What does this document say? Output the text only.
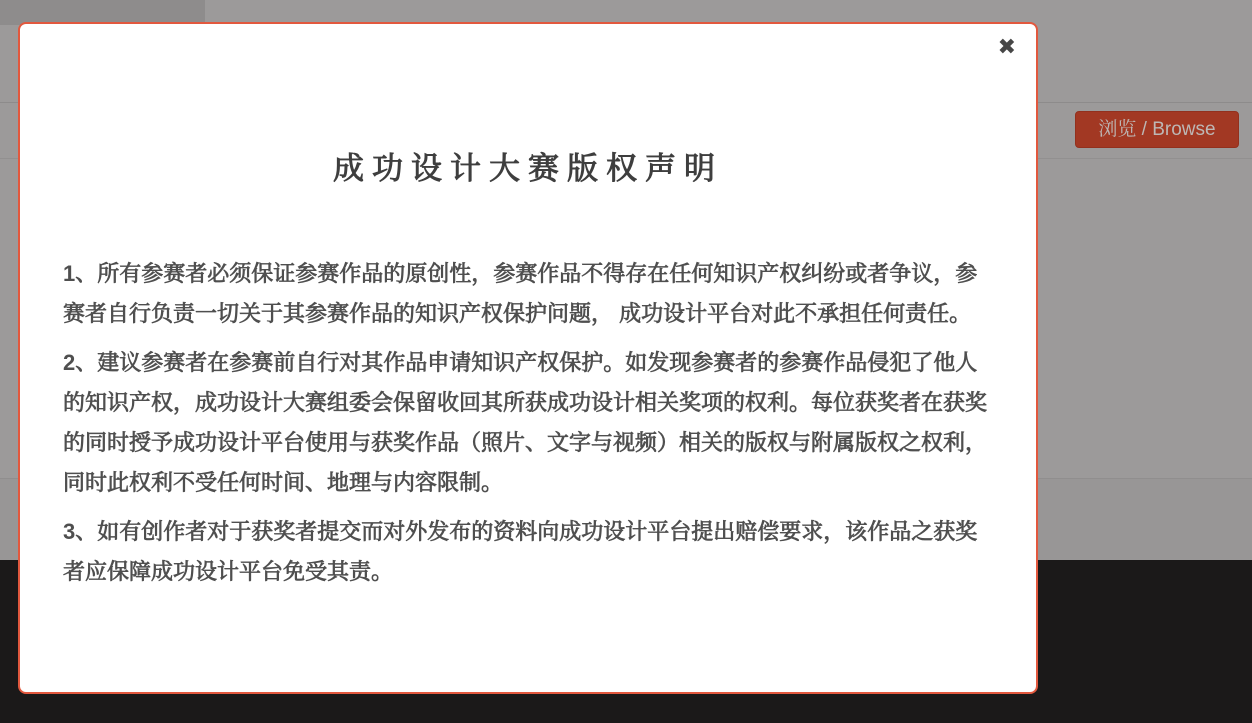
浏览 / Browse
✖
成功设计大赛版权声明

1、所有参赛者必须保证参赛作品的原创性，参赛作品不得存在任何知识产权纠纷或者争议，参赛者自行负责一切关于其参赛作品的知识产权保护问题， 成功设计平台对此不承担任何责任。

2、建议参赛者在参赛前自行对其作品申请知识产权保护。如发现参赛者的参赛作品侵犯了他人的知识产权，成功设计大赛组委会保留收回其所获成功设计相关奖项的权利。每位获奖者在获奖的同时授予成功设计平台使用与获奖作品（照片、文字与视频）相关的版权与附属版权之权利，同时此权利不受任何时间、地理与内容限制。

3、如有创作者对于获奖者提交而对外发布的资料向成功设计平台提出赔偿要求，该作品之获奖者应保障成功设计平台免受其责。
